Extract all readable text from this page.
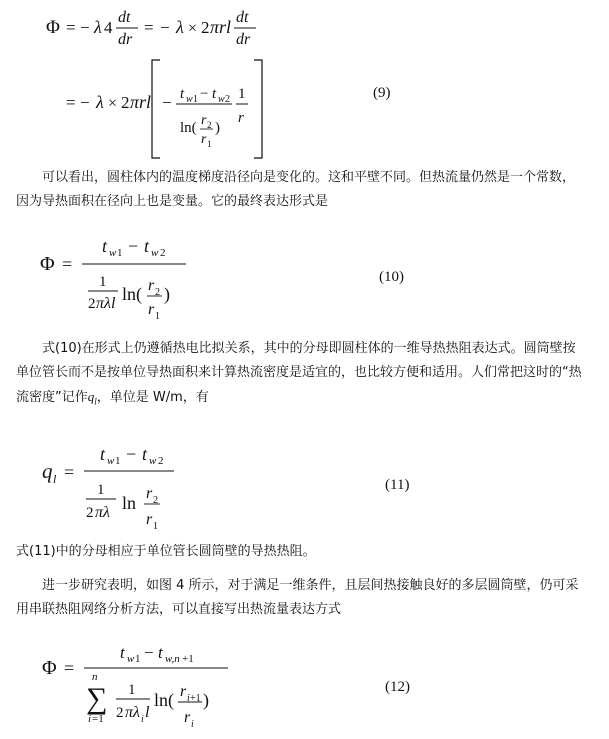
Φ = − λ 4
dt
dr
= − λ × 2 πrl dt
dr
= − λ × 2 πrl − t w 1 − t w 2
ln( r 2
r 1
)
1
r
(9)

可以看出，圆柱体内的温度梯度沿径向是变化的。这和平壁不同。但热流量仍然是一个常数，

因为导热面积在径向上也是变量。它的最终表达形式是

Φ =
t w 1 − t w 2
1
2 πλl ln( r 2
r 1
)
(10)

式(10)在形式上仍遵循热电比拟关系，其中的分母即圆柱体的一维导热热阻表达式。圆筒壁按

单位管长而不是按单位导热面积来计算热流密度是适宜的，也比较方便和适用。人们常把这时的“热

流密度”记作$q_l$，单位是 W/m，有

q l =
t w 1 − t w 2
1
2 πλ ln r 2
r 1
(11)

式(11)中的分母相应于单位管长圆筒壁的导热热阻。

进一步研究表明，如图 4 所示，对于满足一维条件，且层间热接触良好的多层圆筒壁，仍可采

用串联热阻网络分析方法，可以直接写出热流量表达方式

Φ =
t w 1 − t w,n +1
n
∑
i =1
1
2 πλ i l
ln( r i +1
r i
)
(12)
